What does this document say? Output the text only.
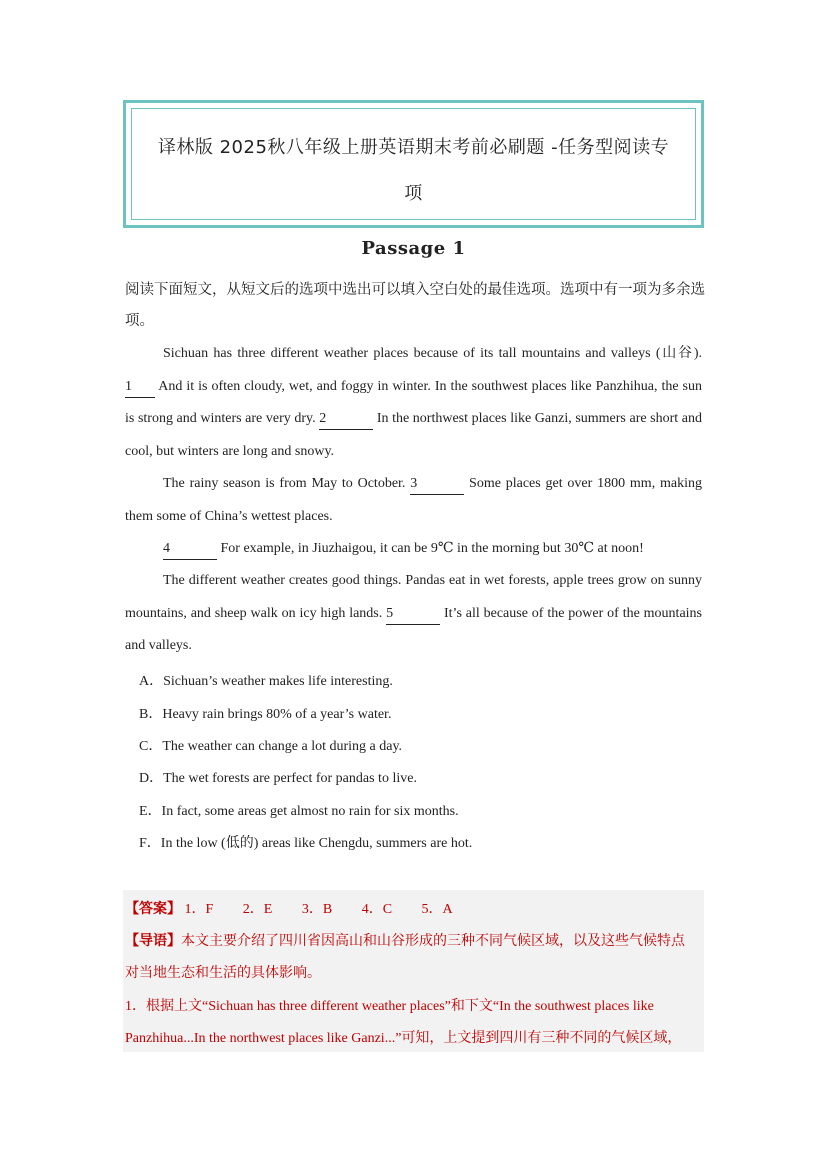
译林版 2025秋八年级上册英语期末考前必刷题 -任务型阅读专
项
Passage 1
阅读下面短文，从短文后的选项中选出可以填入空白处的最佳选项。选项中有一项为多余选
项。
Sichuan has three different weather places because of its tall mountains and valleys (山谷). 1 And it is often cloudy, wet, and foggy in winter. In the southwest places like Panzhihua, the sun is strong and winters are very dry. 2	In the northwest places like Ganzi, summers are short and cool, but winters are long and snowy.
The rainy season is from May to October. 3	Some places get over 1800 mm, making them some of China’s wettest places.
4	For example, in Jiuzhaigou, it can be 9℃ in the morning but 30℃ at noon!
The different weather creates good things. Pandas eat in wet forests, apple trees grow on sunny mountains, and sheep walk on icy high lands. 5	It’s all because of the power of the mountains and valleys.
A．Sichuan’s weather makes life interesting.
B．Heavy rain brings 80% of a year’s water.
C．The weather can change a lot during a day.
D．The wet forests are perfect for pandas to live.
E．In fact, some areas get almost no rain for six months.
F．In the low (低的) areas like Chengdu, summers are hot.
【答案】 1．F 2．E 3．B 4．C 5．A
【导语】本文主要介绍了四川省因高山和山谷形成的三种不同气候区域，以及这些气候特点
对当地生态和生活的具体影响。
1．根据上文“Sichuan has three different weather places”和下文“In the southwest places like
Panzhihua...In the northwest places like Ganzi...”可知，上文提到四川有三种不同的气候区域，
